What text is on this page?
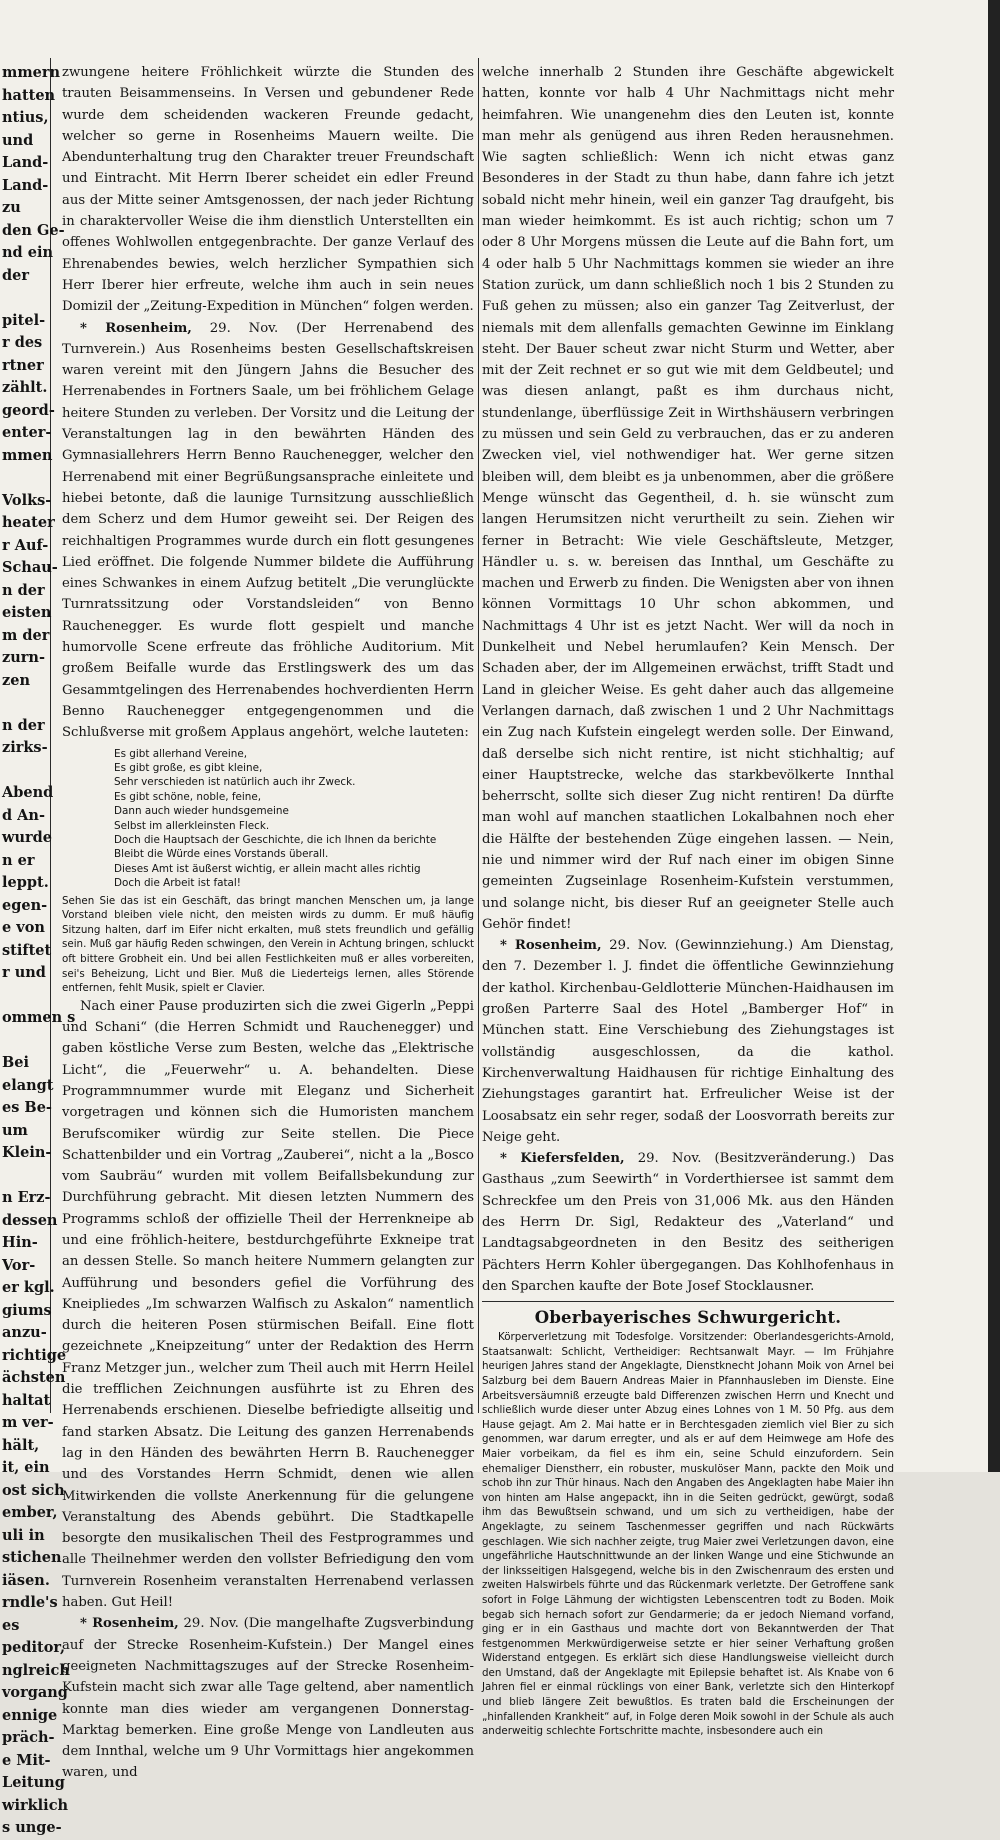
mmern
hatten
ntius,
und
Land-
Land-
zu
den Ge-
nd ein
der

pitel-
r des
rtner
zählt.
geord-
enter-
mmen

Volks-
heater
r Auf-
Schau-
n der
eisten
m der
zurn-
zen

n der
zirks-

Abend
d An-
wurde
n er
leppt.
egen-
e von
stiftet
r und

ommen s

Bei
elangt
es Be-
um
Klein-

n Erz-
dessen
Hin-
Vor-
er kgl.
giums
anzu-
richtige
ächsten
haltat
m ver-
hält,
it, ein
ost sich
ember,
uli in
stichen
iäsen.
rndle's
es
peditor,
nglreich
vorgang
ennige
präch-
e Mit-
Leitung
wirklich
s unge-

zwungene heitere Fröhlichkeit würzte die Stunden des trauten Beisammenseins. In Versen und gebundener Rede wurde dem scheidenden wackeren Freunde gedacht, welcher so gerne in Rosenheims Mauern weilte. Die Abendunterhaltung trug den Charakter treuer Freundschaft und Eintracht. Mit Herrn Iberer scheidet ein edler Freund aus der Mitte seiner Amtsgenossen, der nach jeder Richtung in charaktervoller Weise die ihm dienstlich Unterstellten ein offenes Wohlwollen entgegenbrachte. Der ganze Verlauf des Ehrenabendes bewies, welch herzlicher Sympathien sich Herr Iberer hier erfreute, welche ihm auch in sein neues Domizil der „Zeitung-Expedition in München“ folgen werden.

* Rosenheim, 29. Nov. (Der Herrenabend des Turnverein.) Aus Rosenheims besten Gesellschaftskreisen waren vereint mit den Jüngern Jahns die Besucher des Herrenabendes in Fortners Saale, um bei fröhlichem Gelage heitere Stunden zu verleben. Der Vorsitz und die Leitung der Veranstaltungen lag in den bewährten Händen des Gymnasiallehrers Herrn Benno Rauchenegger, welcher den Herrenabend mit einer Begrüßungsansprache einleitete und hiebei betonte, daß die launige Turnsitzung ausschließlich dem Scherz und dem Humor geweiht sei. Der Reigen des reichhaltigen Programmes wurde durch ein flott gesungenes Lied eröffnet. Die folgende Nummer bildete die Aufführung eines Schwankes in einem Aufzug betitelt „Die verunglückte Turnratssitzung oder Vorstandsleiden“ von Benno Rauchenegger. Es wurde flott gespielt und manche humorvolle Scene erfreute das fröhliche Auditorium. Mit großem Beifalle wurde das Erstlingswerk des um das Gesammtgelingen des Herrenabendes hochverdienten Herrn Benno Rauchenegger entgegengenommen und die Schlußverse mit großem Applaus angehört, welche lauteten:

Es gibt allerhand Vereine,
Es gibt große, es gibt kleine,
Sehr verschieden ist natürlich auch ihr Zweck.
Es gibt schöne, noble, feine,
Dann auch wieder hundsgemeine
Selbst im allerkleinsten Fleck.
Doch die Hauptsach der Geschichte, die ich Ihnen da berichte
Bleibt die Würde eines Vorstands überall.
Dieses Amt ist äußerst wichtig, er allein macht alles richtig
Doch die Arbeit ist fatal!

Sehen Sie das ist ein Geschäft, das bringt manchen Menschen um, ja lange Vorstand bleiben viele nicht, den meisten wirds zu dumm. Er muß häufig Sitzung halten, darf im Eifer nicht erkalten, muß stets freundlich und gefällig sein. Muß gar häufig Reden schwingen, den Verein in Achtung bringen, schluckt oft bittere Grobheit ein. Und bei allen Festlichkeiten muß er alles vorbereiten, sei's Beheizung, Licht und Bier. Muß die Liederteigs lernen, alles Störende entfernen, fehlt Musik, spielt er Clavier.

Nach einer Pause produzirten sich die zwei Gigerln „Peppi und Schani“ (die Herren Schmidt und Rauchenegger) und gaben köstliche Verse zum Besten, welche das „Elektrische Licht“, die „Feuerwehr“ u. A. behandelten. Diese Programmnummer wurde mit Eleganz und Sicherheit vorgetragen und können sich die Humoristen manchem Berufscomiker würdig zur Seite stellen. Die Piece Schattenbilder und ein Vortrag „Zauberei“, nicht a la „Bosco vom Saubräu“ wurden mit vollem Beifallsbekundung zur Durchführung gebracht. Mit diesen letzten Nummern des Programms schloß der offizielle Theil der Herrenkneipe ab und eine fröhlich-heitere, bestdurchgeführte Exkneipe trat an dessen Stelle. So manch heitere Nummern gelangten zur Aufführung und besonders gefiel die Vorführung des Kneipliedes „Im schwarzen Walfisch zu Askalon“ namentlich durch die heiteren Posen stürmischen Beifall. Eine flott gezeichnete „Kneipzeitung“ unter der Redaktion des Herrn Franz Metzger jun., welcher zum Theil auch mit Herrn Heilel die trefflichen Zeichnungen ausführte ist zu Ehren des Herrenabends erschienen. Dieselbe befriedigte allseitig und fand starken Absatz. Die Leitung des ganzen Herrenabends lag in den Händen des bewährten Herrn B. Rauchenegger und des Vorstandes Herrn Schmidt, denen wie allen Mitwirkenden die vollste Anerkennung für die gelungene Veranstaltung des Abends gebührt. Die Stadtkapelle besorgte den musikalischen Theil des Festprogrammes und alle Theilnehmer werden den vollster Befriedigung den vom Turnverein Rosenheim veranstalten Herrenabend verlassen haben. Gut Heil!

* Rosenheim, 29. Nov. (Die mangelhafte Zugsverbindung auf der Strecke Rosenheim-Kufstein.) Der Mangel eines geeigneten Nachmittagszuges auf der Strecke Rosenheim-Kufstein macht sich zwar alle Tage geltend, aber namentlich konnte man dies wieder am vergangenen Donnerstag-Marktag bemerken. Eine große Menge von Landleuten aus dem Innthal, welche um 9 Uhr Vormittags hier angekommen waren, und

welche innerhalb 2 Stunden ihre Geschäfte abgewickelt hatten, konnte vor halb 4 Uhr Nachmittags nicht mehr heimfahren. Wie unangenehm dies den Leuten ist, konnte man mehr als genügend aus ihren Reden herausnehmen. Wie sagten schließlich: Wenn ich nicht etwas ganz Besonderes in der Stadt zu thun habe, dann fahre ich jetzt sobald nicht mehr hinein, weil ein ganzer Tag draufgeht, bis man wieder heimkommt. Es ist auch richtig; schon um 7 oder 8 Uhr Morgens müssen die Leute auf die Bahn fort, um 4 oder halb 5 Uhr Nachmittags kommen sie wieder an ihre Station zurück, um dann schließlich noch 1 bis 2 Stunden zu Fuß gehen zu müssen; also ein ganzer Tag Zeitverlust, der niemals mit dem allenfalls gemachten Gewinne im Einklang steht. Der Bauer scheut zwar nicht Sturm und Wetter, aber mit der Zeit rechnet er so gut wie mit dem Geldbeutel; und was diesen anlangt, paßt es ihm durchaus nicht, stundenlange, überflüssige Zeit in Wirthshäusern verbringen zu müssen und sein Geld zu verbrauchen, das er zu anderen Zwecken viel, viel nothwendiger hat. Wer gerne sitzen bleiben will, dem bleibt es ja unbenommen, aber die größere Menge wünscht das Gegentheil, d. h. sie wünscht zum langen Herumsitzen nicht verurtheilt zu sein. Ziehen wir ferner in Betracht: Wie viele Geschäftsleute, Metzger, Händler u. s. w. bereisen das Innthal, um Geschäfte zu machen und Erwerb zu finden. Die Wenigsten aber von ihnen können Vormittags 10 Uhr schon abkommen, und Nachmittags 4 Uhr ist es jetzt Nacht. Wer will da noch in Dunkelheit und Nebel herumlaufen? Kein Mensch. Der Schaden aber, der im Allgemeinen erwächst, trifft Stadt und Land in gleicher Weise. Es geht daher auch das allgemeine Verlangen darnach, daß zwischen 1 und 2 Uhr Nachmittags ein Zug nach Kufstein eingelegt werden solle. Der Einwand, daß derselbe sich nicht rentire, ist nicht stichhaltig; auf einer Hauptstrecke, welche das starkbevölkerte Innthal beherrscht, sollte sich dieser Zug nicht rentiren! Da dürfte man wohl auf manchen staatlichen Lokalbahnen noch eher die Hälfte der bestehenden Züge eingehen lassen. — Nein, nie und nimmer wird der Ruf nach einer im obigen Sinne gemeinten Zugseinlage Rosenheim-Kufstein verstummen, und solange nicht, bis dieser Ruf an geeigneter Stelle auch Gehör findet!

* Rosenheim, 29. Nov. (Gewinnziehung.) Am Dienstag, den 7. Dezember l. J. findet die öffentliche Gewinnziehung der kathol. Kirchenbau-Geldlotterie München-Haidhausen im großen Parterre Saal des Hotel „Bamberger Hof“ in München statt. Eine Verschiebung des Ziehungstages ist vollständig ausgeschlossen, da die kathol. Kirchenverwaltung Haidhausen für richtige Einhaltung des Ziehungstages garantirt hat. Erfreulicher Weise ist der Loosabsatz ein sehr reger, sodaß der Loosvorrath bereits zur Neige geht.

* Kiefersfelden, 29. Nov. (Besitzveränderung.) Das Gasthaus „zum Seewirth“ in Vorderthiersee ist sammt dem Schreckfee um den Preis von 31,006 Mk. aus den Händen des Herrn Dr. Sigl, Redakteur des „Vaterland“ und Landtagsabgeordneten in den Besitz des seitherigen Pächters Herrn Kohler übergegangen. Das Kohlhofenhaus in den Sparchen kaufte der Bote Josef Stocklausner.

Oberbayerisches Schwurgericht.

Körperverletzung mit Todesfolge. Vorsitzender: Oberlandesgerichts-Arnold, Staatsanwalt: Schlicht, Vertheidiger: Rechtsanwalt Mayr. — Im Frühjahre heurigen Jahres stand der Angeklagte, Dienstknecht Johann Moik von Arnel bei Salzburg bei dem Bauern Andreas Maier in Pfannhausleben im Dienste. Eine Arbeitsversäumniß erzeugte bald Differenzen zwischen Herrn und Knecht und schließlich wurde dieser unter Abzug eines Lohnes von 1 M. 50 Pfg. aus dem Hause gejagt. Am 2. Mai hatte er in Berchtesgaden ziemlich viel Bier zu sich genommen, war darum erregter, und als er auf dem Heimwege am Hofe des Maier vorbeikam, da fiel es ihm ein, seine Schuld einzufordern. Sein ehemaliger Dienstherr, ein robuster, muskulöser Mann, packte den Moik und schob ihn zur Thür hinaus. Nach den Angaben des Angeklagten habe Maier ihn von hinten am Halse angepackt, ihn in die Seiten gedrückt, gewürgt, sodaß ihm das Bewußtsein schwand, und um sich zu vertheidigen, habe der Angeklagte, zu seinem Taschenmesser gegriffen und nach Rückwärts geschlagen. Wie sich nachher zeigte, trug Maier zwei Verletzungen davon, eine ungefährliche Hautschnittwunde an der linken Wange und eine Stichwunde an der linksseitigen Halsgegend, welche bis in den Zwischenraum des ersten und zweiten Halswirbels führte und das Rückenmark verletzte. Der Getroffene sank sofort in Folge Lähmung der wichtigsten Lebenscentren todt zu Boden. Moik begab sich hernach sofort zur Gendarmerie; da er jedoch Niemand vorfand, ging er in ein Gasthaus und machte dort von Bekanntwerden der That festgenommen Merkwürdigerweise setzte er hier seiner Verhaftung großen Widerstand entgegen. Es erklärt sich diese Handlungsweise vielleicht durch den Umstand, daß der Angeklagte mit Epilepsie behaftet ist. Als Knabe von 6 Jahren fiel er einmal rücklings von einer Bank, verletzte sich den Hinterkopf und blieb längere Zeit bewußtlos. Es traten bald die Erscheinungen der „hinfallenden Krankheit“ auf, in Folge deren Moik sowohl in der Schule als auch anderweitig schlechte Fortschritte machte, insbesondere auch ein
